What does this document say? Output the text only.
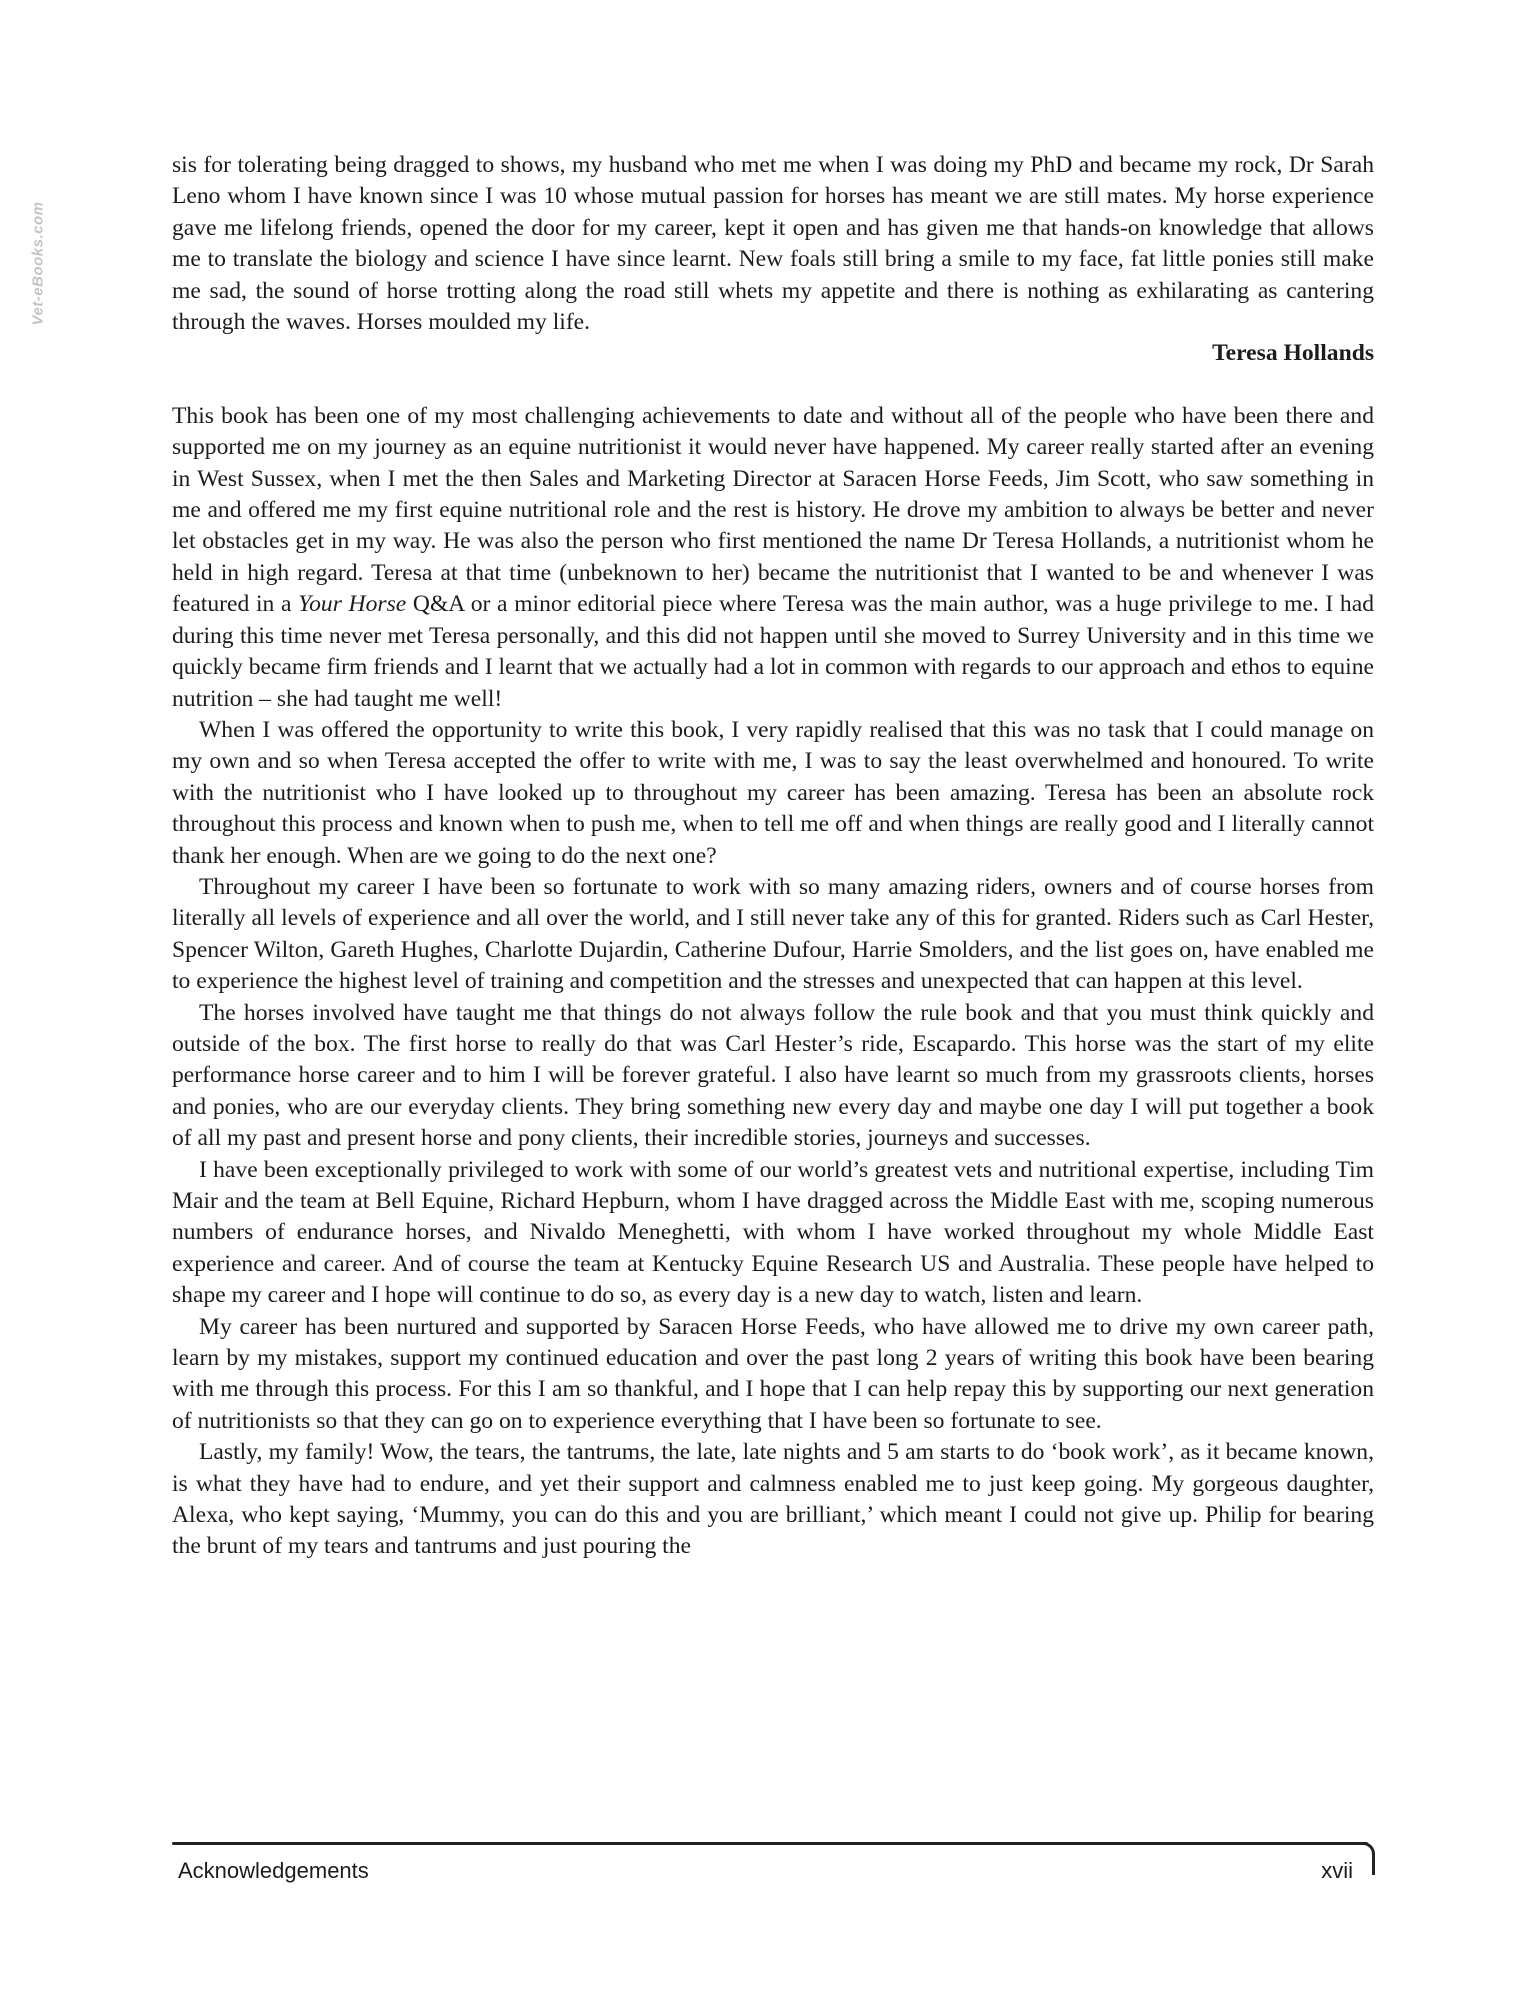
Vet-eBooks.com

sis for tolerating being dragged to shows, my husband who met me when I was doing my PhD and became my rock, Dr Sarah Leno whom I have known since I was 10 whose mutual passion for horses has meant we are still mates. My horse experience gave me lifelong friends, opened the door for my career, kept it open and has given me that hands-on knowledge that allows me to translate the biology and science I have since learnt. New foals still bring a smile to my face, fat little ponies still make me sad, the sound of horse trotting along the road still whets my appetite and there is nothing as exhilarating as cantering through the waves. Horses moulded my life.

Teresa Hollands

This book has been one of my most challenging achievements to date and without all of the people who have been there and supported me on my journey as an equine nutritionist it would never have happened. My career really started after an evening in West Sussex, when I met the then Sales and Marketing Director at Saracen Horse Feeds, Jim Scott, who saw something in me and offered me my first equine nutritional role and the rest is history. He drove my ambition to always be better and never let obstacles get in my way. He was also the person who first mentioned the name Dr Teresa Hollands, a nutritionist whom he held in high regard. Teresa at that time (unbeknown to her) became the nutritionist that I wanted to be and whenever I was featured in a Your Horse Q&A or a minor editorial piece where Teresa was the main author, was a huge privilege to me. I had during this time never met Teresa personally, and this did not happen until she moved to Surrey University and in this time we quickly became firm friends and I learnt that we actually had a lot in common with regards to our approach and ethos to equine nutrition – she had taught me well!

When I was offered the opportunity to write this book, I very rapidly realised that this was no task that I could manage on my own and so when Teresa accepted the offer to write with me, I was to say the least overwhelmed and honoured. To write with the nutritionist who I have looked up to throughout my career has been amazing. Teresa has been an absolute rock throughout this process and known when to push me, when to tell me off and when things are really good and I literally cannot thank her enough. When are we going to do the next one?

Throughout my career I have been so fortunate to work with so many amazing riders, owners and of course horses from literally all levels of experience and all over the world, and I still never take any of this for granted. Riders such as Carl Hester, Spencer Wilton, Gareth Hughes, Charlotte Dujardin, Catherine Dufour, Harrie Smolders, and the list goes on, have enabled me to experience the highest level of training and competition and the stresses and unexpected that can happen at this level.

The horses involved have taught me that things do not always follow the rule book and that you must think quickly and outside of the box. The first horse to really do that was Carl Hester’s ride, Escapardo. This horse was the start of my elite performance horse career and to him I will be forever grateful. I also have learnt so much from my grassroots clients, horses and ponies, who are our everyday clients. They bring something new every day and maybe one day I will put together a book of all my past and present horse and pony clients, their incredible stories, journeys and successes.

I have been exceptionally privileged to work with some of our world’s greatest vets and nutritional expertise, including Tim Mair and the team at Bell Equine, Richard Hepburn, whom I have dragged across the Middle East with me, scoping numerous numbers of endurance horses, and Nivaldo Meneghetti, with whom I have worked throughout my whole Middle East experience and career. And of course the team at Kentucky Equine Research US and Australia. These people have helped to shape my career and I hope will continue to do so, as every day is a new day to watch, listen and learn.

My career has been nurtured and supported by Saracen Horse Feeds, who have allowed me to drive my own career path, learn by my mistakes, support my continued education and over the past long 2 years of writing this book have been bearing with me through this process. For this I am so thankful, and I hope that I can help repay this by supporting our next generation of nutritionists so that they can go on to experience everything that I have been so fortunate to see.

Lastly, my family! Wow, the tears, the tantrums, the late, late nights and 5 am starts to do ‘book work’, as it became known, is what they have had to endure, and yet their support and calmness enabled me to just keep going. My gorgeous daughter, Alexa, who kept saying, ‘Mummy, you can do this and you are brilliant,’ which meant I could not give up. Philip for bearing the brunt of my tears and tantrums and just pouring the

Acknowledgements	xvii
